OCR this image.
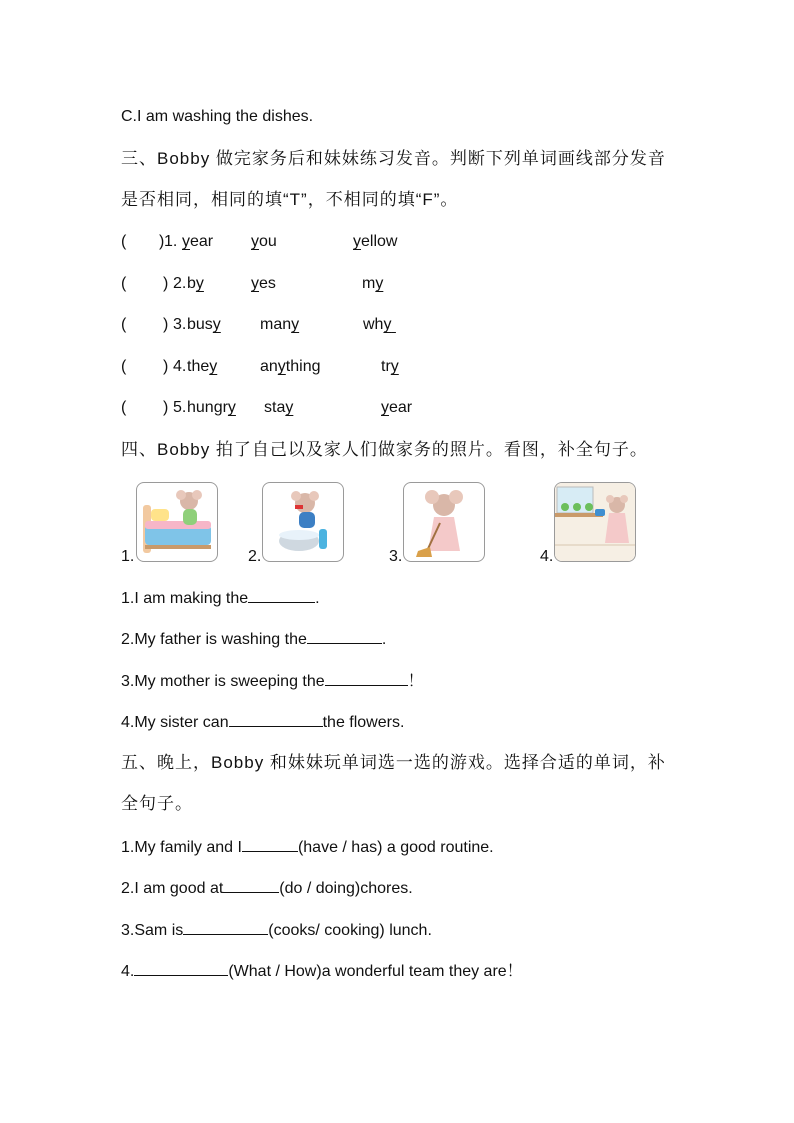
C.I am washing the dishes.
三、Bobby 做完家务后和妹妹练习发音。判断下列单词画线部分发音
是否相同，相同的填“T”，不相同的填“F”。
( ) 1. year you	yellow
( ) 2. by	yes	my
( ) 3. busy many	why
( ) 4. they	anything	try
( ) 5. hungry stay	year
四、Bobby 拍了自己以及家人们做家务的照片。看图，补全句子。
1.	2.	3.	4.
1.I am making the	.
2.My father is washing the	.
3.My mother is sweeping the	！
4.My sister can	the flowers.
五、晚上，Bobby 和妹妹玩单词选一选的游戏。选择合适的单词，补
全句子。
1.My family and I	(have / has) a good routine.
2.I am good at	(do / doing)chores.
3.Sam is	(cooks/ cooking) lunch.
4.	(What / How)a wonderful team they are！
